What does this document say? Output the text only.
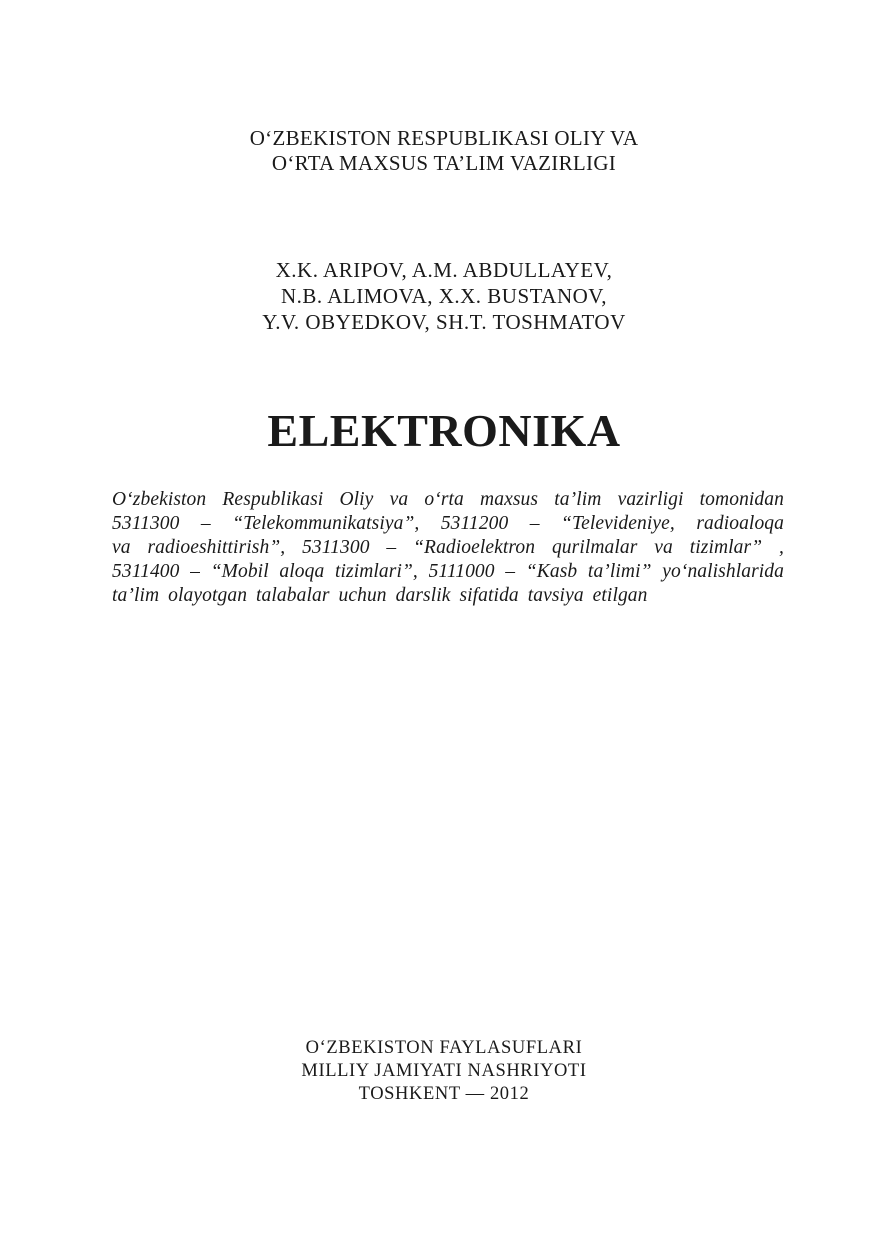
O‘ZBEKISTON RESPUBLIKASI OLIY VA
O‘RTA MAXSUS TA’LIM VAZIRLIGI
X.K. ARIPOV, A.M. ABDULLAYEV,
N.B. ALIMOVA, X.X. BUSTANOV,
Y.V. OBYEDKOV, SH.T. TOSHMATOV
ELEKTRONIKA
O‘zbekiston Respublikasi Oliy va o‘rta maxsus ta’lim vazirligi tomonidan
5311300 – “Telekommunikatsiya”, 5311200 – “Televideniye, radioaloqa
va radioeshittirish”, 5311300 – “Radioelektron qurilmalar va tizimlar” ,
5311400 – “Mobil aloqa tizimlari”, 5111000 – “Kasb ta’limi” yo‘nalishlarida
ta’lim olayotgan talabalar uchun darslik sifatida tavsiya etilgan
O‘ZBEKISTON FAYLASUFLARI
MILLIY JAMIYATI NASHRIYOTI
TOSHKENT — 2012
